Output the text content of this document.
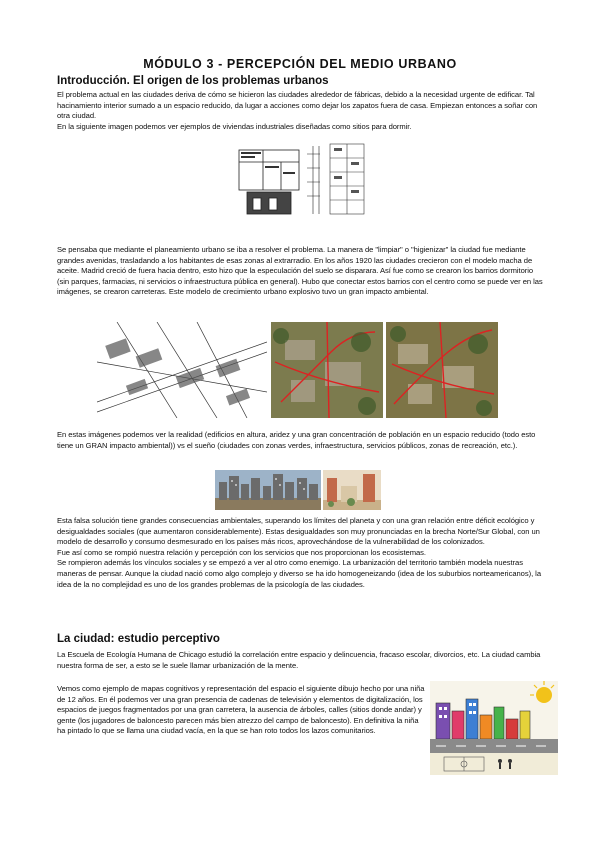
MÓDULO 3 - PERCEPCIÓN DEL MEDIO URBANO
Introducción. El origen de los problemas urbanos

El problema actual en las ciudades deriva de cómo se hicieron las ciudades alrededor de fábricas, debido a la necesidad urgente de edificar. Tal hacinamiento interior sumado a un espacio reducido, da lugar a acciones como dejar los zapatos fuera de casa. Empiezan entonces a soñar con otra ciudad.

En la siguiente imagen podemos ver ejemplos de viviendas industriales diseñadas como sitios para dormir.

Se pensaba que mediante el planeamiento urbano se iba a resolver el problema. La manera de "limpiar" o "higienizar" la ciudad fue mediante grandes avenidas, trasladando a los habitantes de esas zonas al extrarradio. En los años 1920 las ciudades crecieron con el modelo macha de aceite. Madrid creció de fuera hacia dentro, esto hizo que la especulación del suelo se disparara. Así fue como se crearon los barrios dormitorio (sin parques, farmacias, ni servicios o infraestructura pública en general). Hubo que conectar estos barrios con el centro como se puede ver en las imágenes, se crearon carreteras. Este modelo de crecimiento urbano explosivo tuvo un gran impacto ambiental.

En estas imágenes podemos ver la realidad (edificios en altura, aridez y una gran concentración de población en un espacio reducido (todo esto tiene un GRAN impacto ambiental)) vs el sueño (ciudades con zonas verdes, infraestructura, servicios públicos, zonas de recreación, etc.).

Esta falsa solución tiene grandes consecuencias ambientales, superando los límites del planeta y con una gran relación entre déficit ecológico y desigualdades sociales (que aumentaron considerablemente). Estas desigualdades son muy pronunciadas en la brecha Norte/Sur Global, con un modelo de desarrollo y consumo desmesurado en los países más ricos, aprovechándose de la vulnerabilidad de los colonizados.

Fue así como se rompió nuestra relación y percepción con los servicios que nos proporcionan los ecosistemas.

Se rompieron además los vínculos sociales y se empezó a ver al otro como enemigo. La urbanización del territorio también modela nuestras maneras de pensar. Aunque la ciudad nació como algo complejo y diverso se ha ido homogeneizando (idea de los suburbios norteamericanos), la idea de la no complejidad es uno de los grandes problemas de la psicología de las ciudades.

La ciudad: estudio perceptivo

La Escuela de Ecología Humana de Chicago estudió la correlación entre espacio y delincuencia, fracaso escolar, divorcios, etc. La ciudad cambia nuestra forma de ser, a esto se le suele llamar urbanización de la mente.

Vemos como ejemplo de mapas cognitivos y representación del espacio el siguiente dibujo hecho por una niña de 12 años. En él podemos ver una gran presencia de cadenas de televisión y elementos de digitalización, los espacios de juegos fragmentados por una gran carretera, la ausencia de árboles, calles (sitios donde andar) y gente (los jugadores de baloncesto parecen más bien atrezzo del campo de baloncesto). En definitiva la niña ha pintado lo que se llama una ciudad vacía, en la que se han roto todos los lazos comunitarios.
